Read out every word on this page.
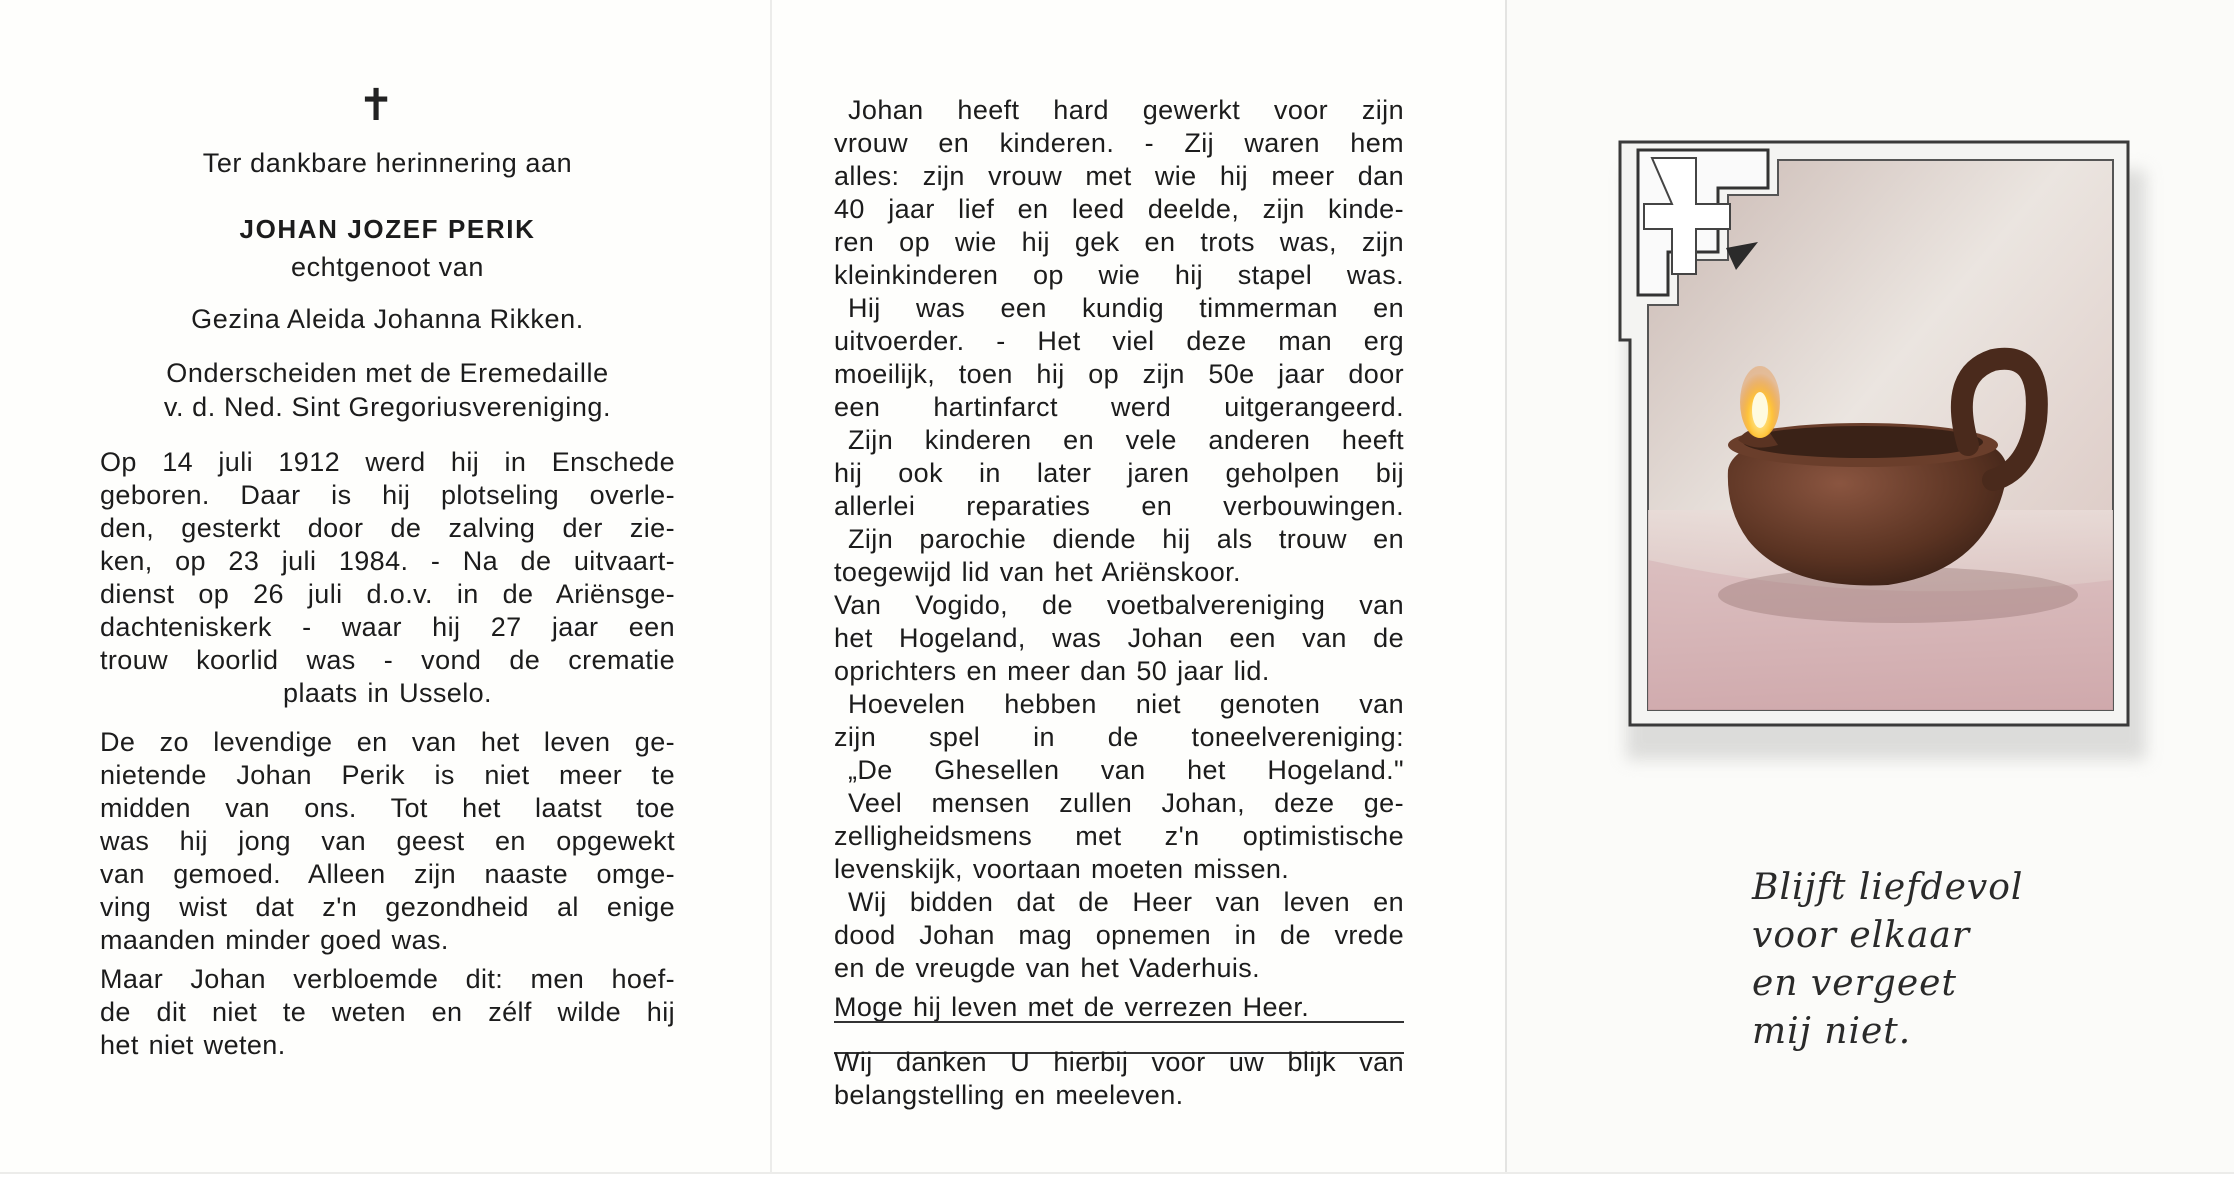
✝

Ter dankbare herinnering aan

JOHAN JOZEF PERIK

echtgenoot van

Gezina Aleida Johanna Rikken.

Onderscheiden met de Eremedaille

v. d. Ned. Sint Gregoriusvereniging.

Op 14 juli 1912 werd hij in Enschede
geboren. Daar is hij plotseling overle-
den, gesterkt door de zalving der zie-
ken, op 23 juli 1984. - Na de uitvaart-
dienst op 26 juli d.o.v. in de Ariënsge-
dachteniskerk - waar hij 27 jaar een
trouw koorlid was - vond de crematie
plaats in Usselo.
De zo levendige en van het leven ge-
nietende Johan Perik is niet meer te
midden van ons. Tot het laatst toe
was hij jong van geest en opgewekt
van gemoed. Alleen zijn naaste omge-
ving wist dat z'n gezondheid al enige
maanden minder goed was.
Maar Johan verbloemde dit: men hoef-
de dit niet te weten en zélf wilde hij
het niet weten.
Johan heeft hard gewerkt voor zijn
vrouw en kinderen. - Zij waren hem
alles: zijn vrouw met wie hij meer dan
40 jaar lief en leed deelde, zijn kinde-
ren op wie hij gek en trots was, zijn
kleinkinderen op wie hij stapel was.
Hij was een kundig timmerman en
uitvoerder. - Het viel deze man erg
moeilijk, toen hij op zijn 50e jaar door
een hartinfarct werd uitgerangeerd.
Zijn kinderen en vele anderen heeft
hij ook in later jaren geholpen bij
allerlei reparaties en verbouwingen.
Zijn parochie diende hij als trouw en
toegewijd lid van het Ariënskoor.
Van Vogido, de voetbalvereniging van
het Hogeland, was Johan een van de
oprichters en meer dan 50 jaar lid.
Hoevelen hebben niet genoten van
zijn spel in de toneelvereniging:
„De Ghesellen van het Hogeland."
Veel mensen zullen Johan, deze ge-
zelligheidsmens met z'n optimistische
levenskijk, voortaan moeten missen.
Wij bidden dat de Heer van leven en
dood Johan mag opnemen in de vrede
en de vreugde van het Vaderhuis.
Moge hij leven met de verrezen Heer.
Wij danken U hierbij voor uw blijk van
belangstelling en meeleven.
Blijft liefdevol
voor elkaar
en vergeet
mij niet.
